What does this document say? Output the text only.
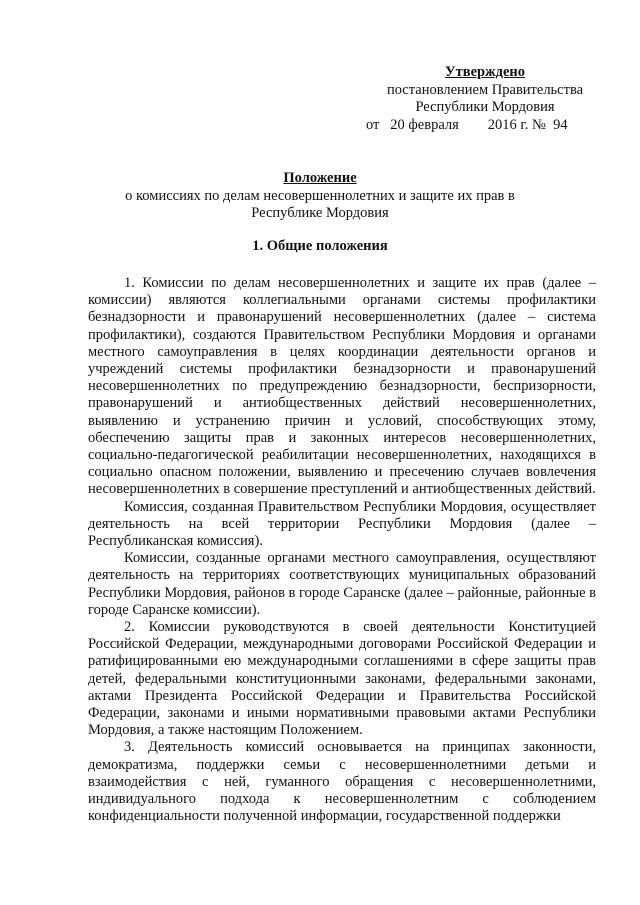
Утверждено
постановлением Правительства
Республики Мордовия
от   20 февраля        2016 г. №  94
Положение
о комиссиях по делам несовершеннолетних и защите их прав в
Республике Мордовия
1. Общие положения

1. Комиссии по делам несовершеннолетних и защите их прав (далее – комиссии) являются коллегиальными органами системы профилактики безнадзорности и правонарушений несовершеннолетних (далее – система профилактики), создаются Правительством Республики Мордовия и органами местного самоуправления в целях координации деятельности органов и учреждений системы профилактики безнадзорности и правонарушений несовершеннолетних по предупреждению безнадзорности, беспризорности, правонарушений и антиобщественных действий несовершеннолетних, выявлению и устранению причин и условий, способствующих этому, обеспечению защиты прав и законных интересов несовершеннолетних, социально-педагогической реабилитации несовершеннолетних, находящихся в социально опасном положении, выявлению и пресечению случаев вовлечения несовершеннолетних в совершение преступлений и антиобщественных действий.

Комиссия, созданная Правительством Республики Мордовия, осуществляет деятельность на всей территории Республики Мордовия (далее – Республиканская комиссия).

Комиссии, созданные органами местного самоуправления, осуществляют деятельность на территориях соответствующих муниципальных образований Республики Мордовия, районов в городе Саранске (далее – районные, районные в городе Саранске комиссии).

2. Комиссии руководствуются в своей деятельности Конституцией Российской Федерации, международными договорами Российской Федерации и ратифицированными ею международными соглашениями в сфере защиты прав детей, федеральными конституционными законами, федеральными законами, актами Президента Российской Федерации и Правительства Российской Федерации, законами и иными нормативными правовыми актами Республики Мордовия, а также настоящим Положением.

3. Деятельность комиссий основывается на принципах законности, демократизма, поддержки семьи с несовершеннолетними детьми и взаимодействия с ней, гуманного обращения с несовершеннолетними, индивидуального подхода к несовершеннолетним с соблюдением конфиденциальности полученной информации, государственной поддержки
